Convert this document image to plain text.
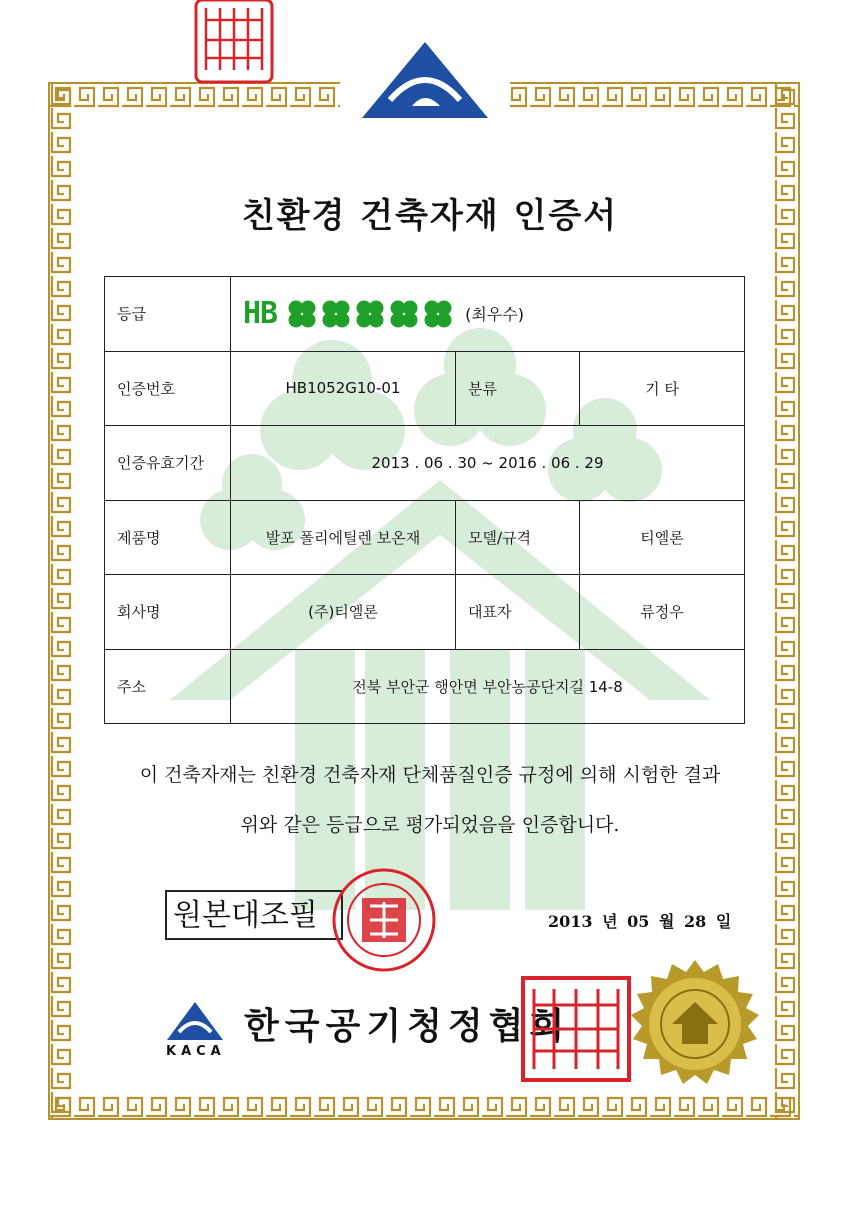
친환경 건축자재 인증서
등급	HB (최우수)		

인증번호	HB1052G10-01	분류	기 타
인증유효기간	2013 . 06 . 30 ~ 2016 . 06 . 29		
제품명	발포 폴리에틸렌 보온재	모델/규격	티엘론
회사명	(주)티엘론	대표자	류정우
주소	전북 부안군 행안면 부안농공단지길 14-8		
이 건축자재는 친환경 건축자재 단체품질인증 규정에 의해 시험한 결과
위와 같은 등급으로 평가되었음을 인증합니다.
원본대조필	2013 년 05 월 28 일
KACA
한국공기청정협회
